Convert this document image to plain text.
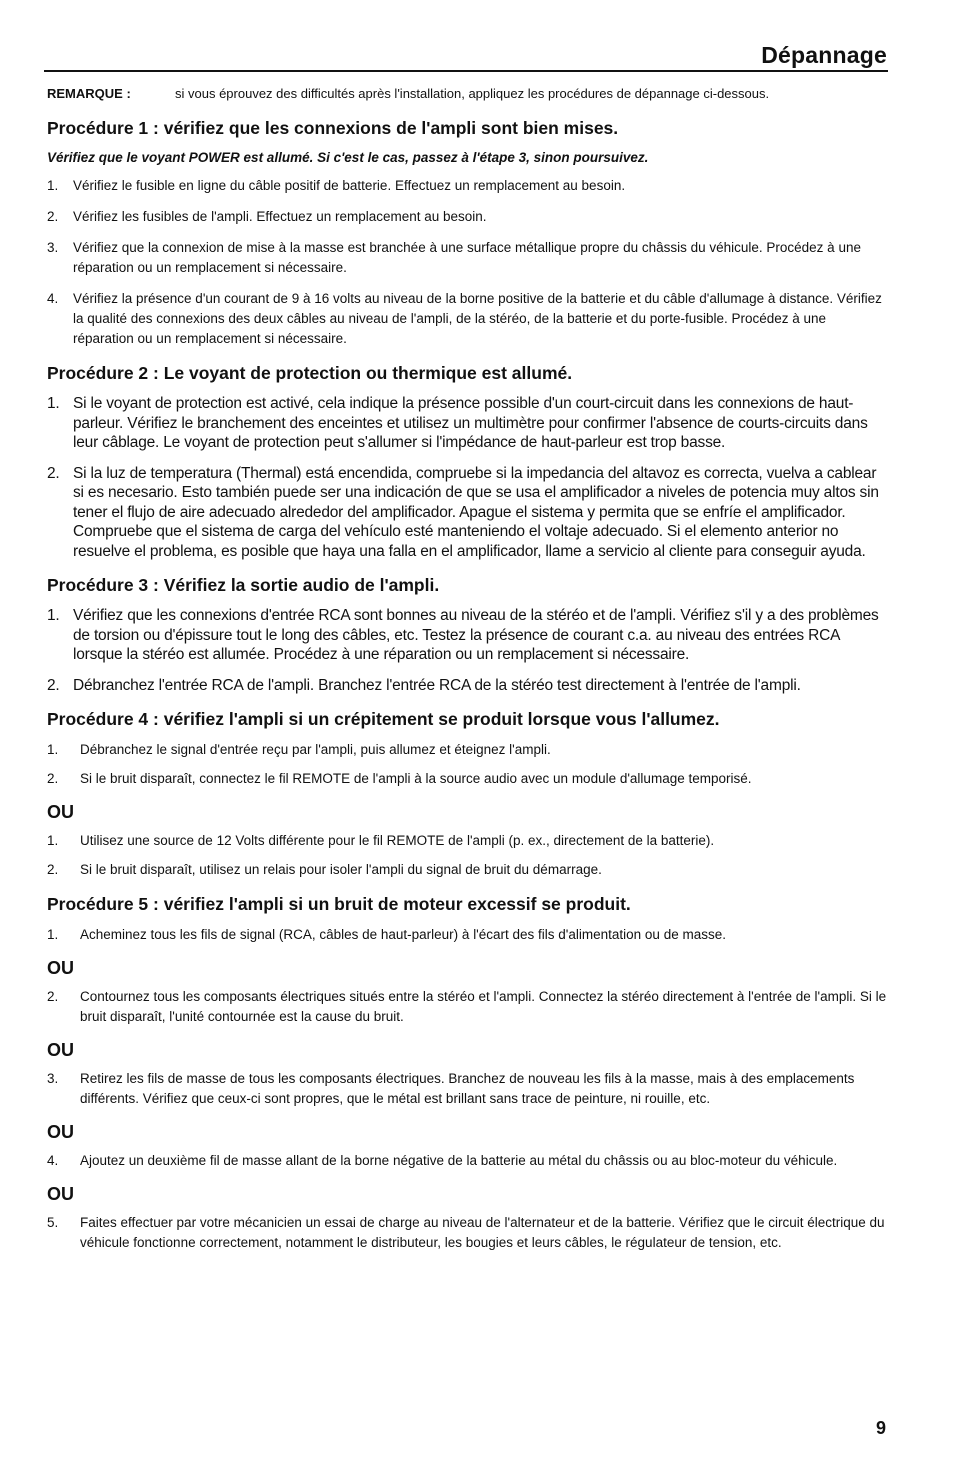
Dépannage
REMARQUE :	si vous éprouvez des difficultés après l'installation, appliquez les procédures de dépannage ci-dessous.
Procédure 1 : vérifiez que les connexions de l'ampli sont bien mises.
Vérifiez que le voyant POWER est allumé. Si c'est le cas, passez à l'étape 3, sinon poursuivez.
1. Vérifiez le fusible en ligne du câble positif de batterie. Effectuez un remplacement au besoin.
2. Vérifiez les fusibles de l'ampli. Effectuez un remplacement au besoin.
3. Vérifiez que la connexion de mise à la masse est branchée à une surface métallique propre du châssis du véhicule. Procédez à une réparation ou un remplacement si nécessaire.
4. Vérifiez la présence d'un courant de 9 à 16 volts au niveau de la borne positive de la batterie et du câble d'allumage à distance. Vérifiez la qualité des connexions des deux câbles au niveau de l'ampli, de la stéréo, de la batterie et du porte-fusible. Procédez à une réparation ou un remplacement si nécessaire.
Procédure 2 : Le voyant de protection ou thermique est allumé.
1. Si le voyant de protection est activé, cela indique la présence possible d'un court-circuit dans les connexions de haut-parleur. Vérifiez le branchement des enceintes et utilisez un multimètre pour confirmer l'absence de courts-circuits dans leur câblage. Le voyant de protection peut s'allumer si l'impédance de haut-parleur est trop basse.
2. Si la luz de temperatura (Thermal) está encendida, compruebe si la impedancia del altavoz es correcta, vuelva a cablear si es necesario. Esto también puede ser una indicación de que se usa el amplificador a niveles de potencia muy altos sin tener el flujo de aire adecuado alrededor del amplificador. Apague el sistema y permita que se enfríe el amplificador. Compruebe que el sistema de carga del vehículo esté manteniendo el voltaje adecuado. Si el elemento anterior no resuelve el problema, es posible que haya una falla en el amplificador, llame a servicio al cliente para conseguir ayuda.
Procédure 3 : Vérifiez la sortie audio de l'ampli.
1. Vérifiez que les connexions d'entrée RCA sont bonnes au niveau de la stéréo et de l'ampli. Vérifiez s'il y a des problèmes de torsion ou d'épissure tout le long des câbles, etc. Testez la présence de courant c.a. au niveau des entrées RCA lorsque la stéréo est allumée. Procédez à une réparation ou un remplacement si nécessaire.
2. Débranchez l'entrée RCA de l'ampli. Branchez l'entrée RCA de la stéréo test directement à l'entrée de l'ampli.
Procédure 4 : vérifiez l'ampli si un crépitement se produit lorsque vous l'allumez.
1. Débranchez le signal d'entrée reçu par l'ampli, puis allumez et éteignez l'ampli.
2. Si le bruit disparaît, connectez le fil REMOTE de l'ampli à la source audio avec un module d'allumage temporisé.
OU
1. Utilisez une source de 12 Volts différente pour le fil REMOTE de l'ampli (p. ex., directement de la batterie).
2. Si le bruit disparaît, utilisez un relais pour isoler l'ampli du signal de bruit du démarrage.
Procédure 5 : vérifiez l'ampli si un bruit de moteur excessif se produit.
1. Acheminez tous les fils de signal (RCA, câbles de haut-parleur) à l'écart des fils d'alimentation ou de masse.
OU
2. Contournez tous les composants électriques situés entre la stéréo et l'ampli. Connectez la stéréo directement à l'entrée de l'ampli. Si le bruit disparaît, l'unité contournée est la cause du bruit.
OU
3. Retirez les fils de masse de tous les composants électriques. Branchez de nouveau les fils à la masse, mais à des emplacements différents. Vérifiez que ceux-ci sont propres, que le métal est brillant sans trace de peinture, ni rouille, etc.
OU
4. Ajoutez un deuxième fil de masse allant de la borne négative de la batterie au métal du châssis ou au bloc-moteur du véhicule.
OU
5. Faites effectuer par votre mécanicien un essai de charge au niveau de l'alternateur et de la batterie. Vérifiez que le circuit électrique du véhicule fonctionne correctement, notamment le distributeur, les bougies et leurs câbles, le régulateur de tension, etc.
9
